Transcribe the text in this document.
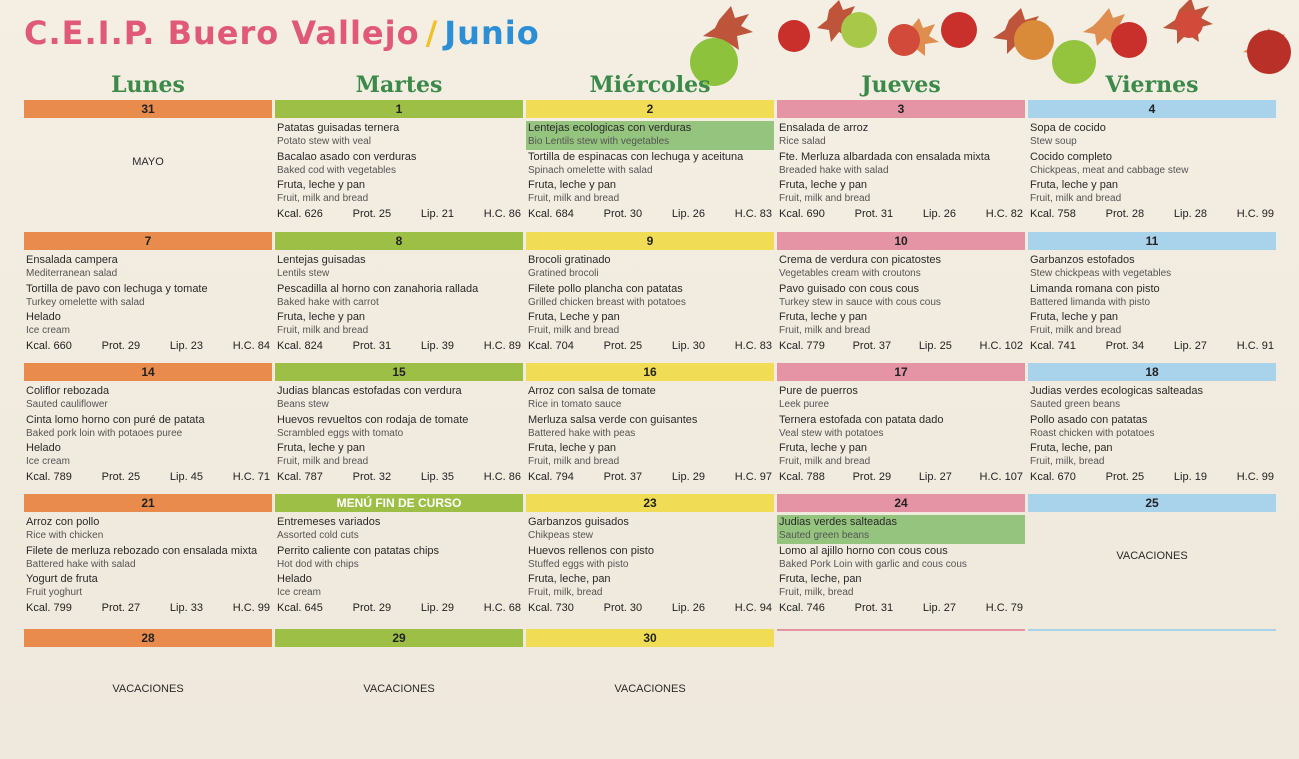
C.E.I.P. Buero Vallejo / Junio
Lunes	Martes	Miércoles	Jueves	Viernes
31
MAYO
1
Patatas guisadas ternera
Potato stew with veal
Bacalao asado con verduras
Baked cod with vegetables
Fruta, leche y pan
Fruit, milk and bread
Kcal. 626	Prot. 25	Lip. 21	H.C. 86
2
Lentejas ecologicas con verduras
Bio Lentils stew with vegetables
Tortilla de espinacas con lechuga y aceituna
Spinach omelette with salad
Fruta, leche y pan
Fruit, milk and bread
Kcal. 684	Prot. 30	Lip. 26	H.C. 83
3
Ensalada de arroz
Rice salad
Fte. Merluza albardada con ensalada mixta
Breaded hake with salad
Fruta, leche y pan
Fruit, milk and bread
Kcal. 690	Prot. 31	Lip. 26	H.C. 82
4
Sopa de cocido
Stew soup
Cocido completo
Chickpeas, meat and cabbage stew
Fruta, leche y pan
Fruit, milk and bread
Kcal. 758	Prot. 28	Lip. 28	H.C. 99
7
Ensalada campera
Mediterranean salad
Tortilla de pavo con lechuga y tomate
Turkey omelette with salad
Helado
Ice cream
Kcal. 660	Prot. 29	Lip. 23	H.C. 84
8
Lentejas guisadas
Lentils stew
Pescadilla al horno con zanahoria rallada
Baked hake with carrot
Fruta, leche y pan
Fruit, milk and bread
Kcal. 824	Prot. 31	Lip. 39	H.C. 89
9
Brocoli gratinado
Gratined brocoli
Filete pollo plancha con patatas
Grilled chicken breast with potatoes
Fruta, Leche y pan
Fruit, milk and bread
Kcal. 704	Prot. 25	Lip. 30	H.C. 83
10
Crema de verdura con picatostes
Vegetables cream with croutons
Pavo guisado con cous cous
Turkey stew in sauce with cous cous
Fruta, leche y pan
Fruit, milk and bread
Kcal. 779	Prot. 37	Lip. 25	H.C. 102
11
Garbanzos estofados
Stew chickpeas with vegetables
Limanda romana con pisto
Battered limanda with pisto
Fruta, leche y pan
Fruit, milk and bread
Kcal. 741	Prot. 34	Lip. 27	H.C. 91
14
Coliflor rebozada
Sauted cauliflower
Cinta lomo horno con puré de patata
Baked pork loin with potaoes puree
Helado
Ice cream
Kcal. 789	Prot. 25	Lip. 45	H.C. 71
15
Judias blancas estofadas con verdura
Beans stew
Huevos revueltos con rodaja de tomate
Scrambled eggs with tomato
Fruta, leche y pan
Fruit, milk and bread
Kcal. 787	Prot. 32	Lip. 35	H.C. 86
16
Arroz con salsa de tomate
Rice in tomato sauce
Merluza salsa verde con guisantes
Battered hake with peas
Fruta, leche y pan
Fruit, milk and bread
Kcal. 794	Prot. 37	Lip. 29	H.C. 97
17
Pure de puerros
Leek puree
Ternera estofada con patata dado
Veal stew with potatoes
Fruta, leche y pan
Fruit, milk and bread
Kcal. 788	Prot. 29	Lip. 27	H.C. 107
18
Judias verdes ecologicas salteadas
Sauted green beans
Pollo asado con patatas
Roast chicken with potatoes
Fruta, leche, pan
Fruit, milk, bread
Kcal. 670	Prot. 25	Lip. 19	H.C. 99
21
Arroz con pollo
Rice with chicken
Filete de merluza rebozado con ensalada mixta
Battered hake with salad
Yogurt de fruta
Fruit yoghurt
Kcal. 799	Prot. 27	Lip. 33	H.C. 99
MENÚ FIN DE CURSO
Entremeses variados
Assorted cold cuts
Perrito caliente con patatas chips
Hot dod with chips
Helado
Ice cream
Kcal. 645	Prot. 29	Lip. 29	H.C. 68
23
Garbanzos guisados
Chikpeas stew
Huevos rellenos con pisto
Stuffed eggs with pisto
Fruta, leche, pan
Fruit, milk, bread
Kcal. 730	Prot. 30	Lip. 26	H.C. 94
24
Judias verdes salteadas
Sauted green beans
Lomo al ajillo horno con cous cous
Baked Pork Loin with garlic and cous cous
Fruta, leche, pan
Fruit, milk, bread
Kcal. 746	Prot. 31	Lip. 27	H.C. 79
25
VACACIONES
28
VACACIONES
29
VACACIONES
30
VACACIONES
